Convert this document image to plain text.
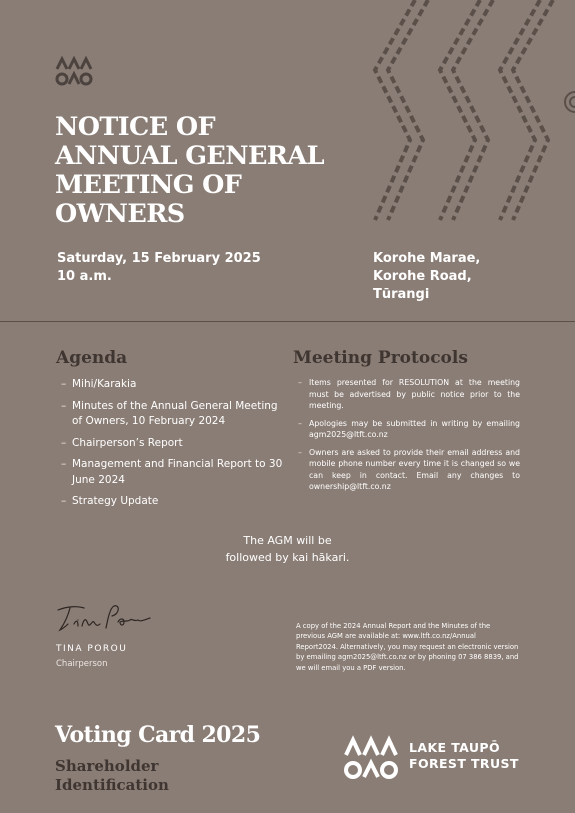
NOTICE OF
ANNUAL GENERAL
MEETING OF
OWNERS
Saturday, 15 February 2025
10 a.m.
Korohe Marae,
Korohe Road,
Tūrangi
Agenda
– Mihi/Karakia
– Minutes of the Annual General Meeting of Owners, 10 February 2024
– Chairperson’s Report
– Management and Financial Report to 30 June 2024
– Strategy Update
Meeting Protocols
– Items presented for RESOLUTION at the meeting must be advertised by public notice prior to the meeting.
– Apologies may be submitted in writing by emailing agm2025@ltft.co.nz
– Owners are asked to provide their email address and mobile phone number every time it is changed so we can keep in contact. Email any changes to ownership@ltft.co.nz
The AGM will be
followed by kai hākari.
TINA POROU
Chairperson
A copy of the 2024 Annual Report and the Minutes of the previous AGM are available at: www.ltft.co.nz/Annual Report2024. Alternatively, you may request an electronic version by emailing agm2025@ltft.co.nz or by phoning 07 386 8839, and we will email you a PDF version.
Voting Card 2025
Shareholder
Identification
LAKE TAUPŌ
FOREST TRUST
